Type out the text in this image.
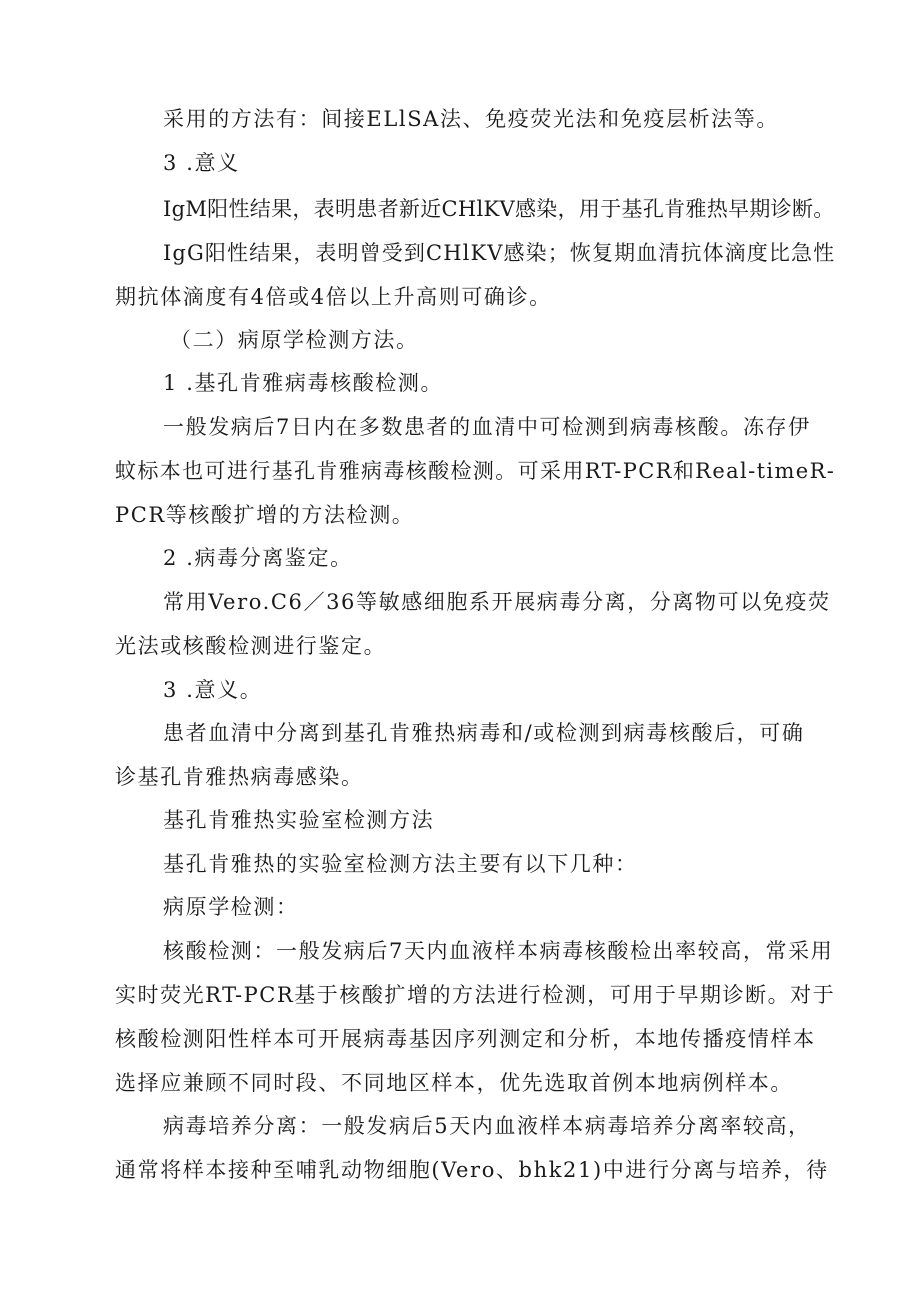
采用的方法有：间接ELlSA法、免疫荧光法和免疫层析法等。
3 .意义
IgM阳性结果，表明患者新近CHlKV感染，用于基孔肯雅热早期诊断。
IgG阳性结果，表明曾受到CHlKV感染；恢复期血清抗体滴度比急性
期抗体滴度有4倍或4倍以上升高则可确诊。
（二）病原学检测方法。
1 .基孔肯雅病毒核酸检测。
一般发病后7日内在多数患者的血清中可检测到病毒核酸。冻存伊
蚊标本也可进行基孔肯雅病毒核酸检测。可采用RT-PCR和Real-timeR-
PCR等核酸扩增的方法检测。
2 .病毒分离鉴定。
常用Vero.C6／36等敏感细胞系开展病毒分离，分离物可以免疫荧
光法或核酸检测进行鉴定。
3 .意义。
患者血清中分离到基孔肯雅热病毒和/或检测到病毒核酸后，可确
诊基孔肯雅热病毒感染。
基孔肯雅热实验室检测方法
基孔肯雅热的实验室检测方法主要有以下几种：
病原学检测：
核酸检测：一般发病后7天内血液样本病毒核酸检出率较高，常采用
实时荧光RT-PCR基于核酸扩增的方法进行检测，可用于早期诊断。对于
核酸检测阳性样本可开展病毒基因序列测定和分析，本地传播疫情样本
选择应兼顾不同时段、不同地区样本，优先选取首例本地病例样本。
病毒培养分离：一般发病后5天内血液样本病毒培养分离率较高，
通常将样本接种至哺乳动物细胞(Vero、bhk21)中进行分离与培养，待
